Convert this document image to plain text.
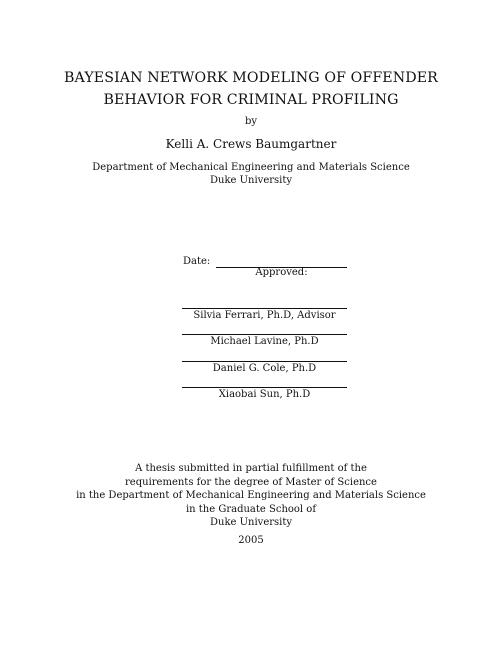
BAYESIAN NETWORK MODELING OF OFFENDER
BEHAVIOR FOR CRIMINAL PROFILING
by
Kelli A. Crews Baumgartner
Department of Mechanical Engineering and Materials Science
Duke University
Date:
Approved:
Silvia Ferrari, Ph.D, Advisor
Michael Lavine, Ph.D
Daniel G. Cole, Ph.D
Xiaobai Sun, Ph.D
A thesis submitted in partial fulfillment of the
requirements for the degree of Master of Science
in the Department of Mechanical Engineering and Materials Science
in the Graduate School of
Duke University
2005
